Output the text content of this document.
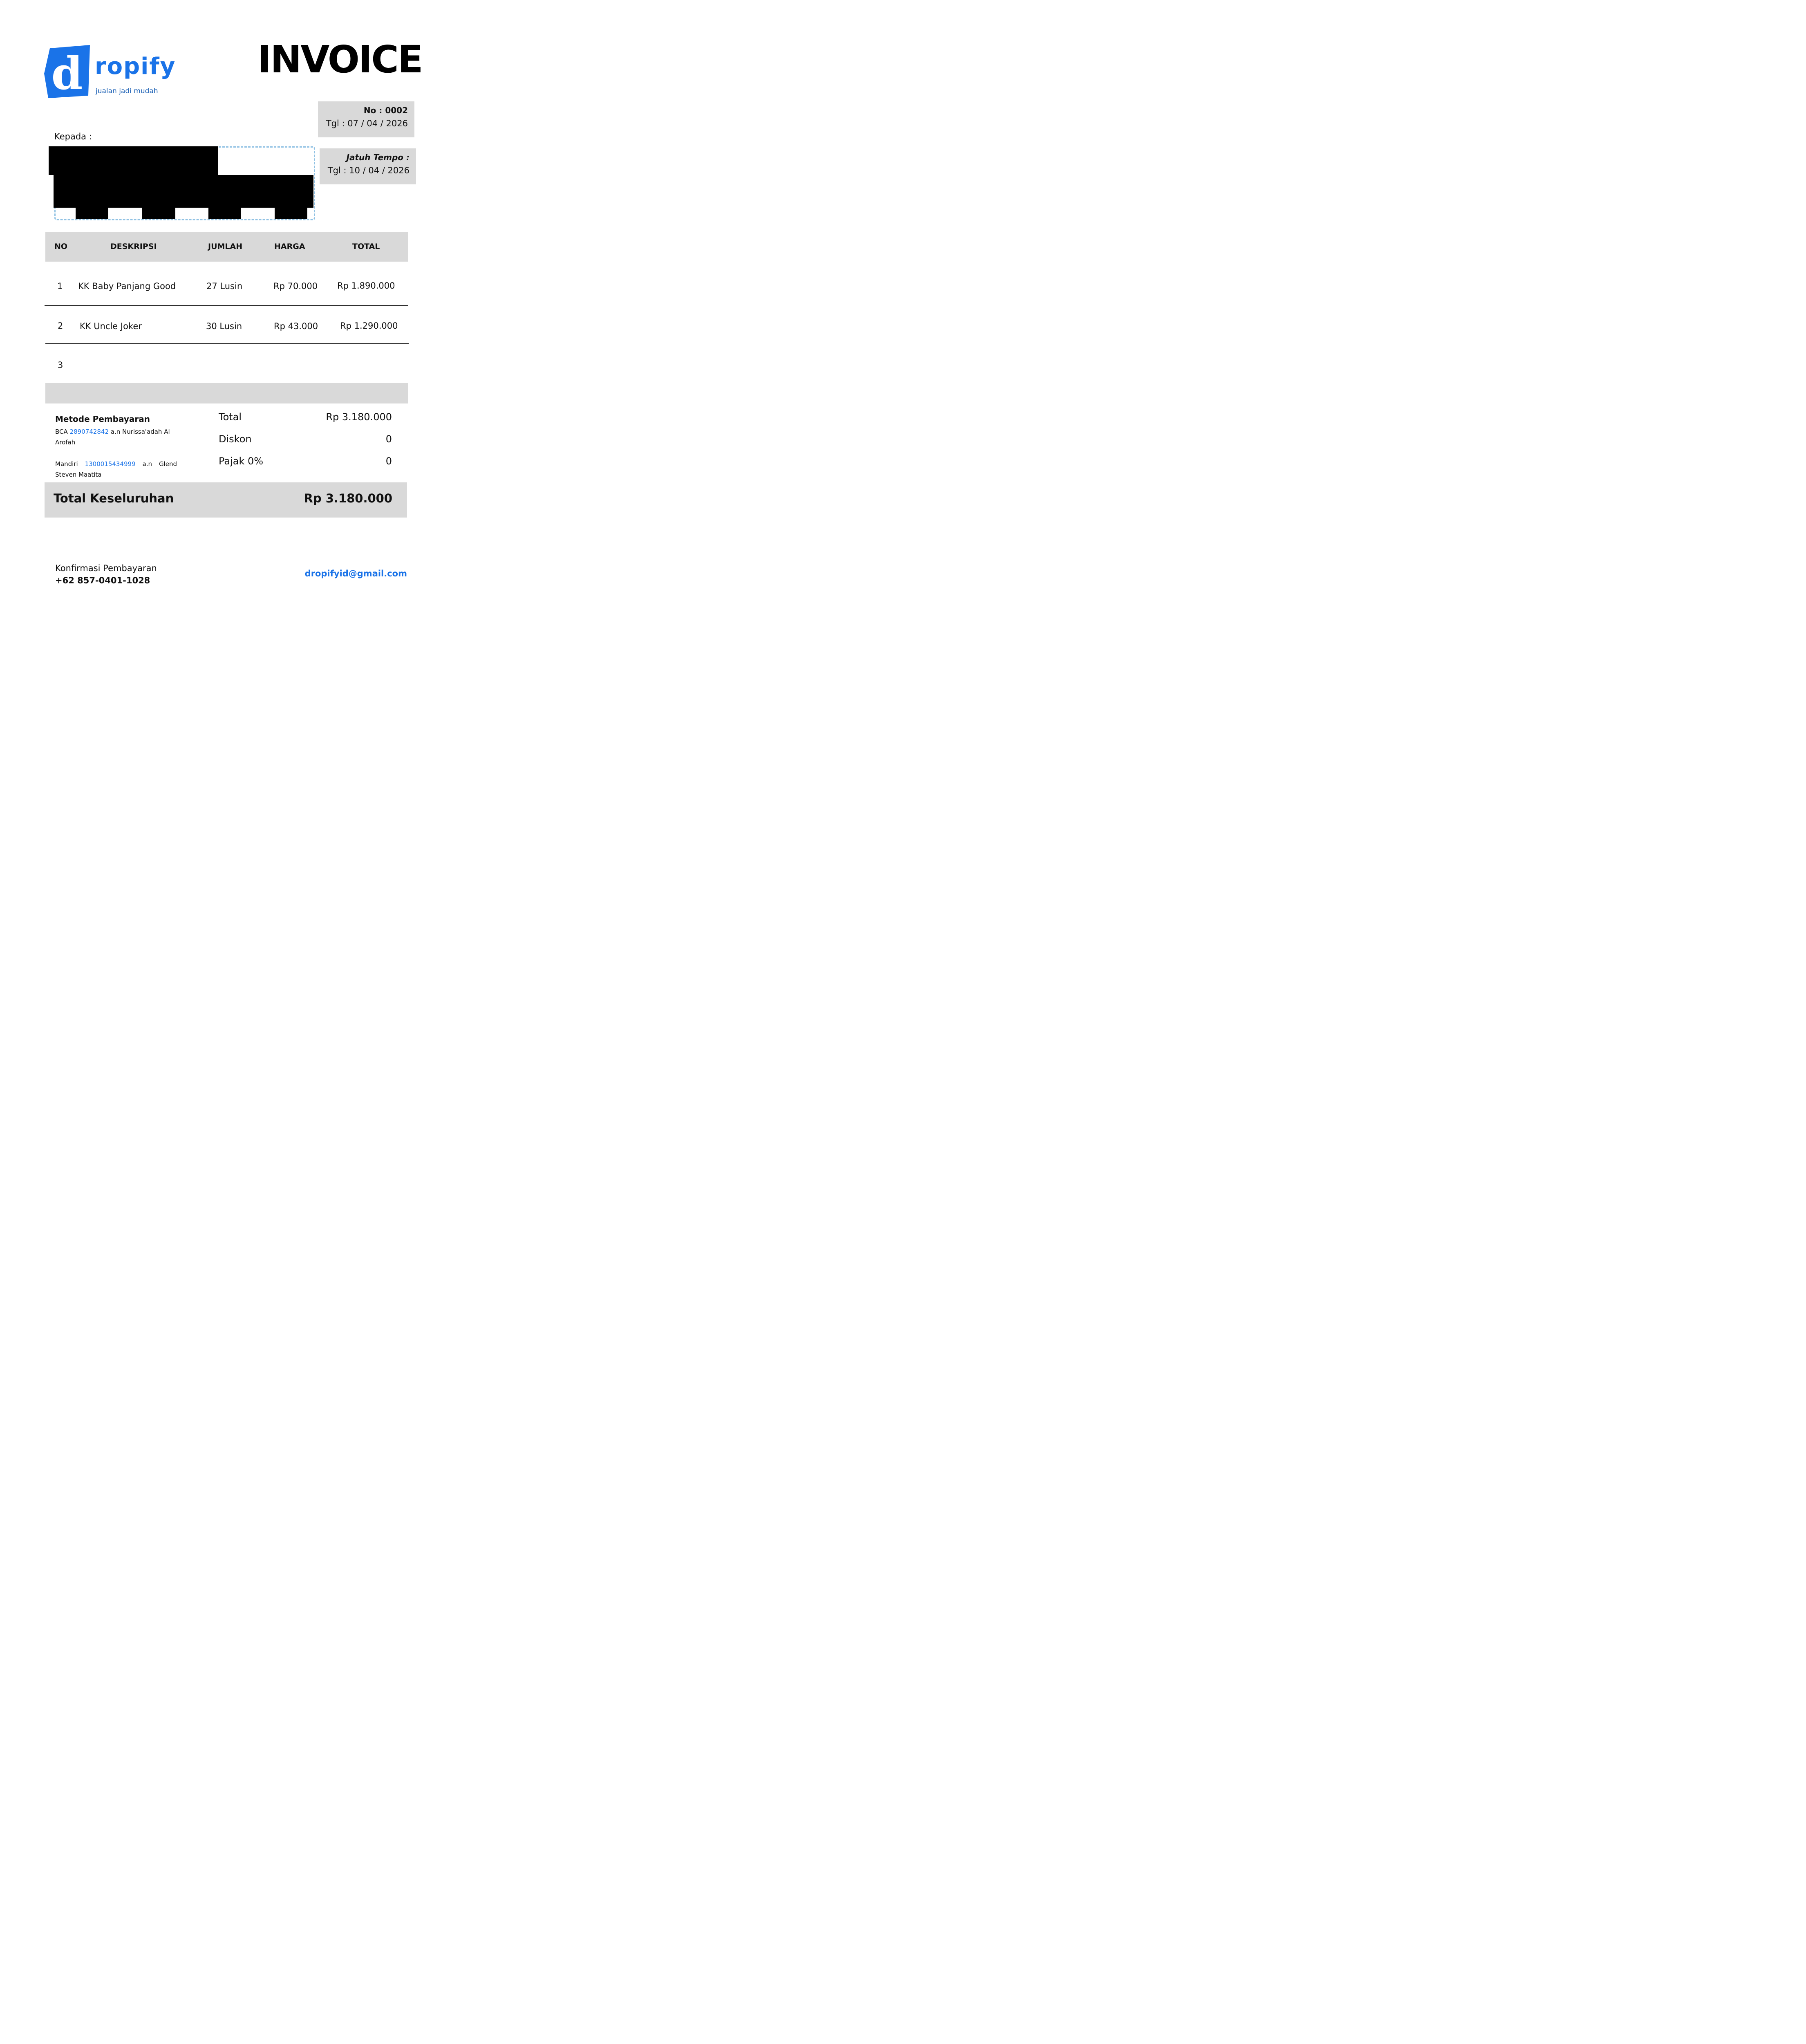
d ropify
jualan jadi mudah
INVOICE
No : 0002
Tgl : 07 / 04 / 2026
Jatuh Tempo :
Tgl : 10 / 04 / 2026
Kepada :
NO	DESKRIPSI	JUMLAH	HARGA	TOTAL
1 KK Baby Panjang Good	27 Lusin	Rp 70.000 Rp 1.890.000
2 KK Uncle Joker	30 Lusin	Rp 43.000	Rp 1.290.000
3
Metode Pembayaran
BCA 2890742842 a.n Nurissa'adah Al
Arofah
Mandiri 1300015434999 a.n Glend
Steven Maatita
Total	Rp 3.180.000
Diskon	0
Pajak 0%	0
Total Keseluruhan	Rp 3.180.000
Konfirmasi Pembayaran
+62 857-0401-1028
dropifyid@gmail.com
